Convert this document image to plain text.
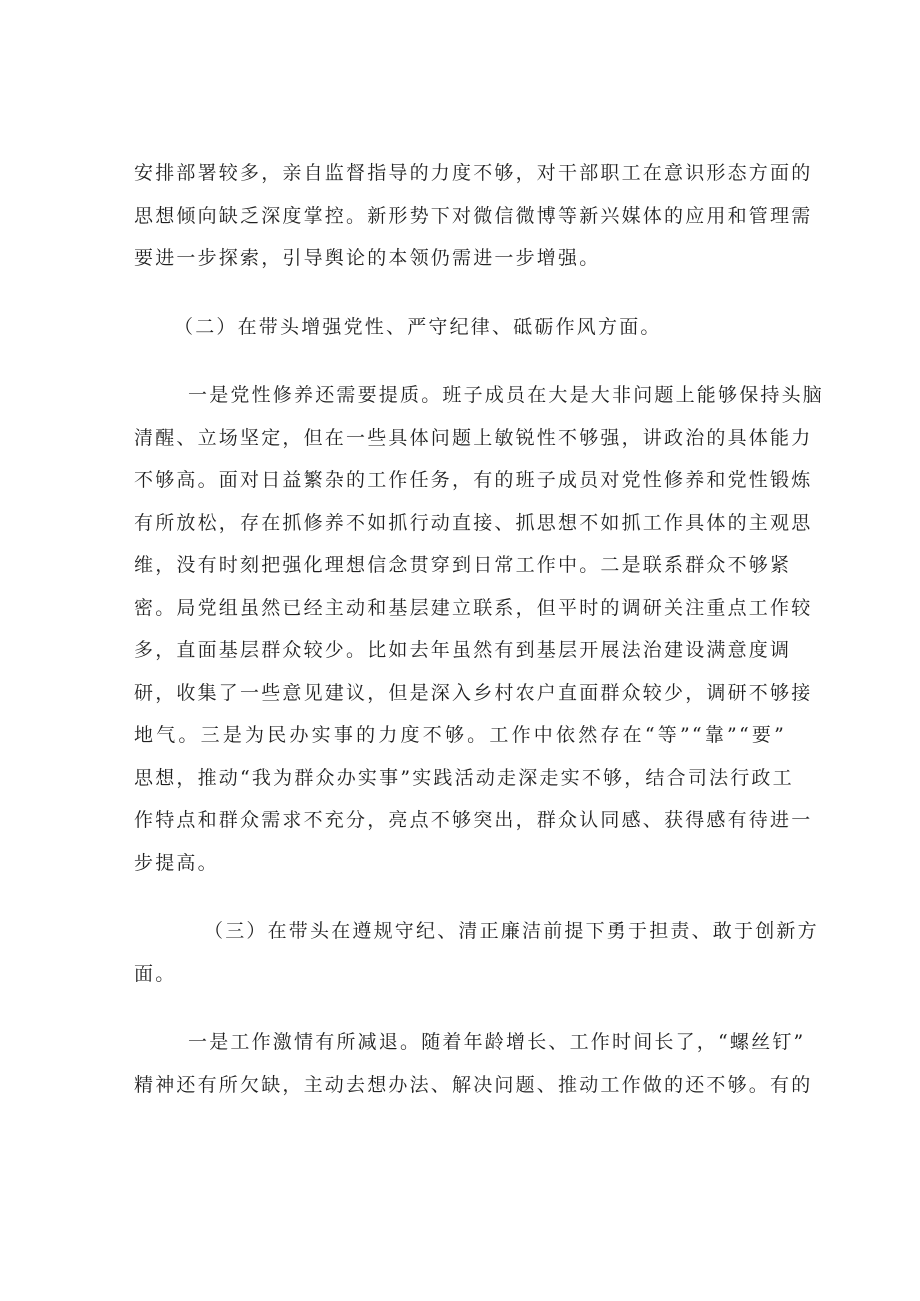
安排部署较多，亲自监督指导的力度不够，对干部职工在意识形态方面的
思想倾向缺乏深度掌控。新形势下对微信微博等新兴媒体的应用和管理需
要进一步探索，引导舆论的本领仍需进一步增强。

（二）在带头增强党性、严守纪律、砥砺作风方面。

一是党性修养还需要提质。班子成员在大是大非问题上能够保持头脑
清醒、立场坚定，但在一些具体问题上敏锐性不够强，讲政治的具体能力
不够高。面对日益繁杂的工作任务，有的班子成员对党性修养和党性锻炼
有所放松，存在抓修养不如抓行动直接、抓思想不如抓工作具体的主观思
维，没有时刻把强化理想信念贯穿到日常工作中。二是联系群众不够紧
密。局党组虽然已经主动和基层建立联系，但平时的调研关注重点工作较
多，直面基层群众较少。比如去年虽然有到基层开展法治建设满意度调
研，收集了一些意见建议，但是深入乡村农户直面群众较少，调研不够接
地气。三是为民办实事的力度不够。工作中依然存在“等”“靠”“要”
思想，推动“我为群众办实事”实践活动走深走实不够，结合司法行政工
作特点和群众需求不充分，亮点不够突出，群众认同感、获得感有待进一
步提高。

（三）在带头在遵规守纪、清正廉洁前提下勇于担责、敢于创新方
面。

一是工作激情有所减退。随着年龄增长、工作时间长了，“螺丝钉”
精神还有所欠缺，主动去想办法、解决问题、推动工作做的还不够。有的
